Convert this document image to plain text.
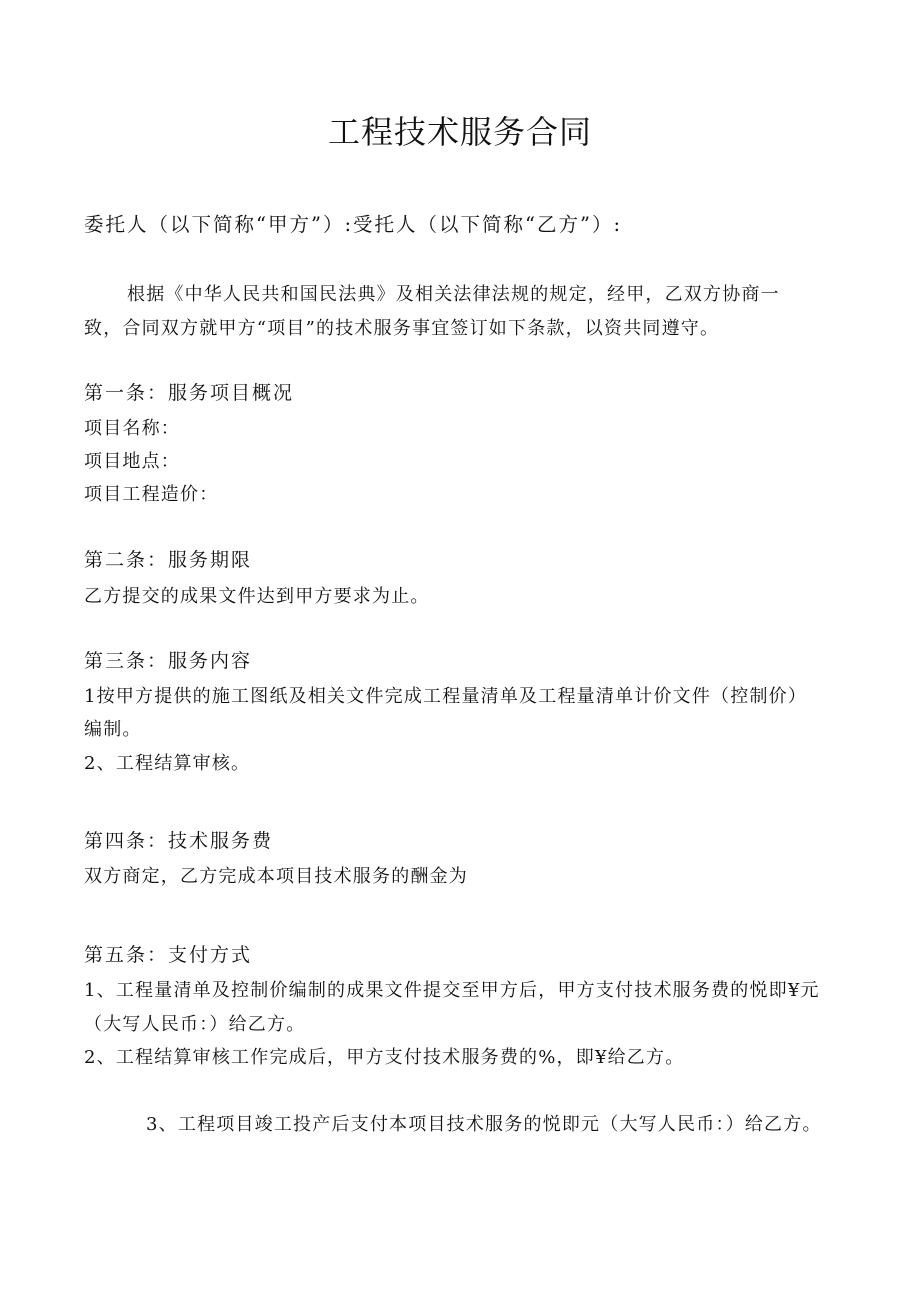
工程技术服务合同
委托人（以下简称“甲方”）:受托人（以下简称“乙方”）:
根据《中华人民共和国民法典》及相关法律法规的规定，经甲，乙双方协商一
致，合同双方就甲方“项目”的技术服务事宜签订如下条款，以资共同遵守。
第一条：服务项目概况
项目名称：
项目地点：
项目工程造价：
第二条：服务期限
乙方提交的成果文件达到甲方要求为止。
第三条：服务内容
1按甲方提供的施工图纸及相关文件完成工程量清单及工程量清单计价文件（控制价）
编制。
2、工程结算审核。
第四条：技术服务费
双方商定，乙方完成本项目技术服务的酬金为
第五条：支付方式
1、工程量清单及控制价编制的成果文件提交至甲方后，甲方支付技术服务费的悦即¥元
（大写人民币：）给乙方。
2、工程结算审核工作完成后，甲方支付技术服务费的%，即¥给乙方。
3、工程项目竣工投产后支付本项目技术服务的悦即元（大写人民币：）给乙方。
